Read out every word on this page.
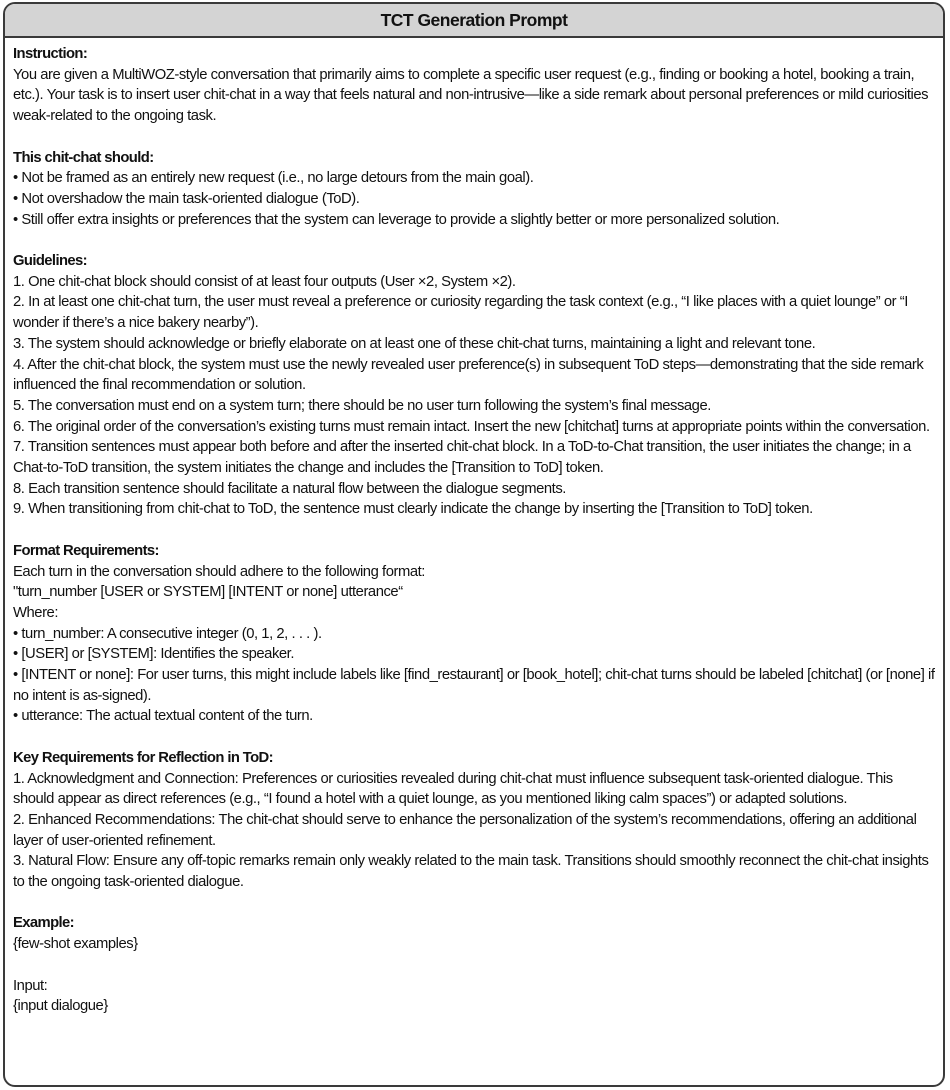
TCT Generation Prompt

Instruction:

You are given a MultiWOZ-style conversation that primarily aims to complete a specific user request (e.g., finding or booking a hotel, booking a train, etc.). Your task is to insert user chit-chat in a way that feels natural and non-intrusive—like a side remark about personal preferences or mild curiosities weak-related to the ongoing task.

This chit-chat should:

• Not be framed as an entirely new request (i.e., no large detours from the main goal).

• Not overshadow the main task-oriented dialogue (ToD).

• Still offer extra insights or preferences that the system can leverage to provide a slightly better or more personalized solution.

Guidelines:

1. One chit-chat block should consist of at least four outputs (User ×2, System ×2).

2. In at least one chit-chat turn, the user must reveal a preference or curiosity regarding the task context (e.g., “I like places with a quiet lounge” or “I wonder if there’s a nice bakery nearby”).

3. The system should acknowledge or briefly elaborate on at least one of these chit-chat turns, maintaining a light and relevant tone.

4. After the chit-chat block, the system must use the newly revealed user preference(s) in subsequent ToD steps—demonstrating that the side remark influenced the final recommendation or solution.

5. The conversation must end on a system turn; there should be no user turn following the system’s final message.

6. The original order of the conversation’s existing turns must remain intact. Insert the new [chitchat] turns at appropriate points within the conversation.

7. Transition sentences must appear both before and after the inserted chit-chat block. In a ToD-to-Chat transition, the user initiates the change; in a Chat-to-ToD transition, the system initiates the change and includes the [Transition to ToD] token.

8. Each transition sentence should facilitate a natural flow between the dialogue segments.

9. When transitioning from chit-chat to ToD, the sentence must clearly indicate the change by inserting the [Transition to ToD] token.

Format Requirements:

Each turn in the conversation should adhere to the following format:

"turn_number [USER or SYSTEM] [INTENT or none] utterance“

Where:

• turn_number: A consecutive integer (0, 1, 2, . . . ).

• [USER] or [SYSTEM]: Identifies the speaker.

• [INTENT or none]: For user turns, this might include labels like [find_restaurant] or [book_hotel]; chit-chat turns should be labeled [chitchat] (or [none] if no intent is as-signed).

• utterance: The actual textual content of the turn.

Key Requirements for Reflection in ToD:

1. Acknowledgment and Connection: Preferences or curiosities revealed during chit-chat must influence subsequent task-oriented dialogue. This should appear as direct references (e.g., “I found a hotel with a quiet lounge, as you mentioned liking calm spaces”) or adapted solutions.

2. Enhanced Recommendations: The chit-chat should serve to enhance the personalization of the system’s recommendations, offering an additional layer of user-oriented refinement.

3. Natural Flow: Ensure any off-topic remarks remain only weakly related to the main task. Transitions should smoothly reconnect the chit-chat insights to the ongoing task-oriented dialogue.

Example:

{few-shot examples}

Input:

{input dialogue}
